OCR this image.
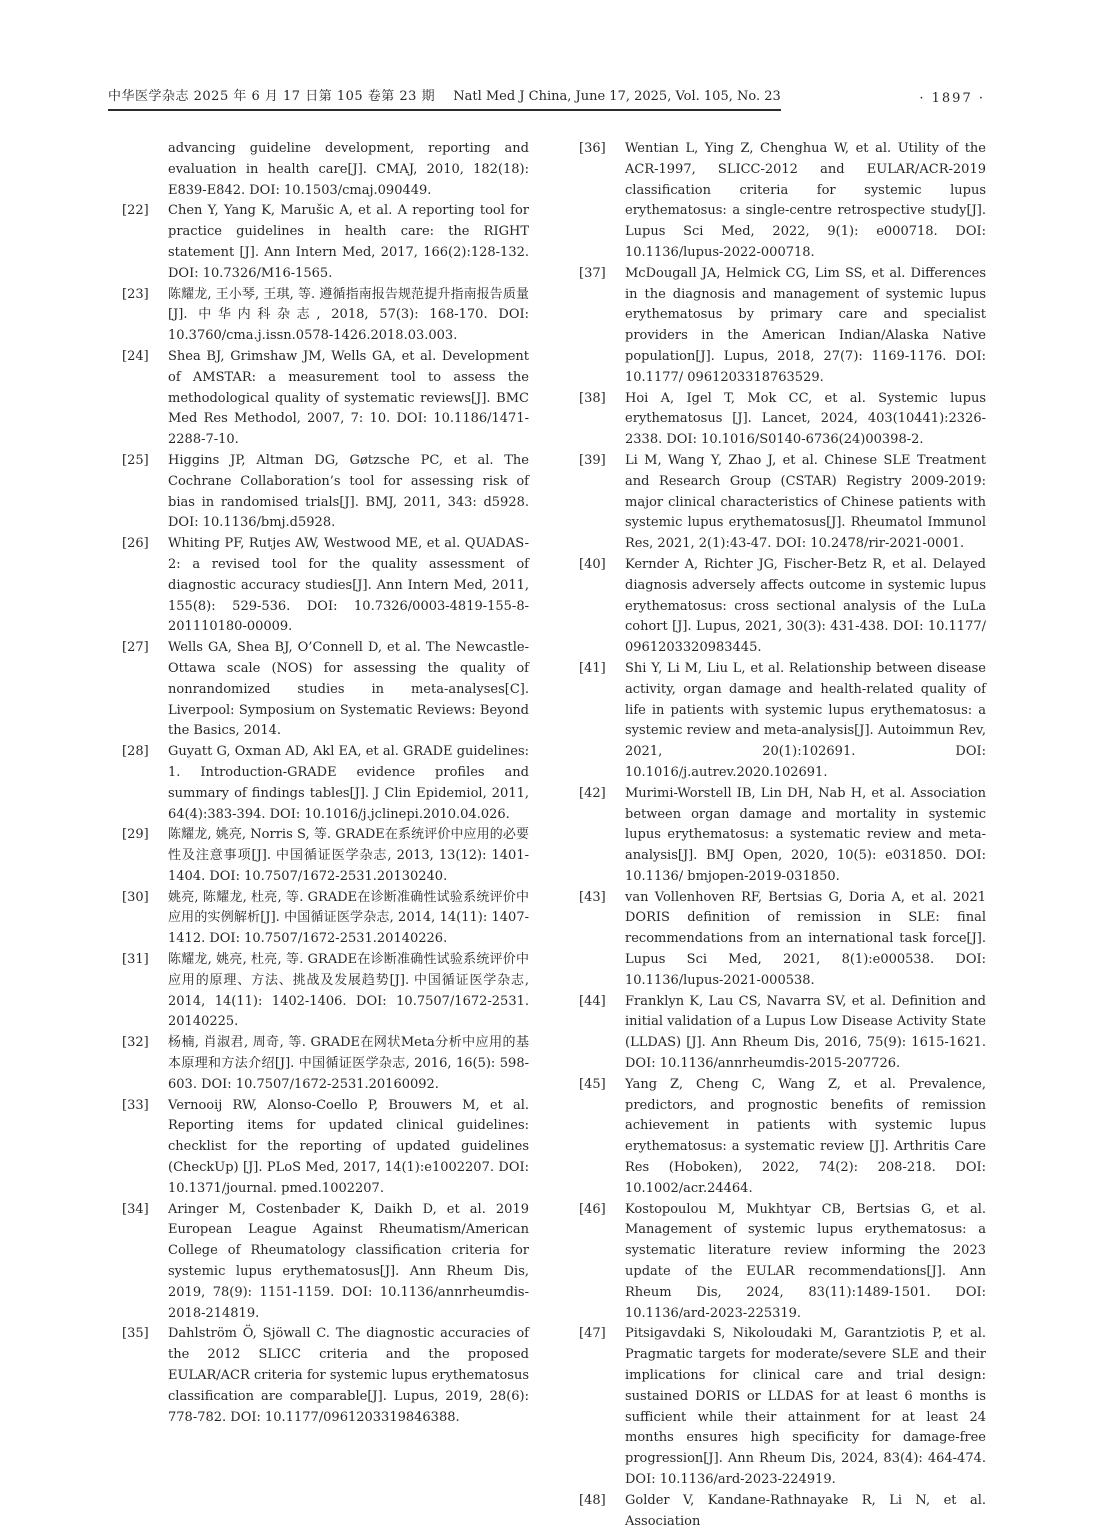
中华医学杂志 2025 年 6 月 17 日第 105 卷第 23 期 Natl Med J China, June 17, 2025, Vol. 105, No. 23	· 1897 ·
advancing guideline development, reporting and evaluation in health care[J]. CMAJ, 2010, 182(18): E839-E842. DOI: 10.1503/cmaj.090449.
[22]	Chen Y, Yang K, Marušic A, et al. A reporting tool for practice guidelines in health care: the RIGHT statement [J]. Ann Intern Med, 2017, 166(2):128-132. DOI: 10.7326/M16-1565.
[23]	陈耀龙, 王小琴, 王琪, 等. 遵循指南报告规范提升指南报告质量[J]. 中华内科杂志, 2018, 57(3): 168-170. DOI: 10.3760/cma.j.issn.0578-1426.2018.03.003.
[24]	Shea BJ, Grimshaw JM, Wells GA, et al. Development of AMSTAR: a measurement tool to assess the methodological quality of systematic reviews[J]. BMC Med Res Methodol, 2007, 7: 10. DOI: 10.1186/1471-2288-7-10.
[25]	Higgins JP, Altman DG, Gøtzsche PC, et al. The Cochrane Collaboration’s tool for assessing risk of bias in randomised trials[J]. BMJ, 2011, 343: d5928. DOI: 10.1136/bmj.d5928.
[26]	Whiting PF, Rutjes AW, Westwood ME, et al. QUADAS-2: a revised tool for the quality assessment of diagnostic accuracy studies[J]. Ann Intern Med, 2011, 155(8): 529-536. DOI: 10.7326/0003-4819-155-8-201110180-00009.
[27]	Wells GA, Shea BJ, O’Connell D, et al. The Newcastle-Ottawa scale (NOS) for assessing the quality of nonrandomized studies in meta-analyses[C]. Liverpool: Symposium on Systematic Reviews: Beyond the Basics, 2014.
[28]	Guyatt G, Oxman AD, Akl EA, et al. GRADE guidelines: 1. Introduction-GRADE evidence profiles and summary of findings tables[J]. J Clin Epidemiol, 2011, 64(4):383-394. DOI: 10.1016/j.jclinepi.2010.04.026.
[29]	陈耀龙, 姚亮, Norris S, 等. GRADE在系统评价中应用的必要性及注意事项[J]. 中国循证医学杂志, 2013, 13(12): 1401-1404. DOI: 10.7507/1672-2531.20130240.
[30]	姚亮, 陈耀龙, 杜亮, 等. GRADE在诊断准确性试验系统评价中应用的实例解析[J]. 中国循证医学杂志, 2014, 14(11): 1407-1412. DOI: 10.7507/1672-2531.20140226.
[31]	陈耀龙, 姚亮, 杜亮, 等. GRADE在诊断准确性试验系统评价中应用的原理、方法、挑战及发展趋势[J]. 中国循证医学杂志, 2014, 14(11): 1402-1406. DOI: 10.7507/1672-2531. 20140225.
[32]	杨楠, 肖淑君, 周奇, 等. GRADE在网状Meta分析中应用的基本原理和方法介绍[J]. 中国循证医学杂志, 2016, 16(5): 598-603. DOI: 10.7507/1672-2531.20160092.
[33]	Vernooij RW, Alonso-Coello P, Brouwers M, et al. Reporting items for updated clinical guidelines: checklist for the reporting of updated guidelines (CheckUp) [J]. PLoS Med, 2017, 14(1):e1002207. DOI: 10.1371/journal. pmed.1002207.
[34]	Aringer M, Costenbader K, Daikh D, et al. 2019 European League Against Rheumatism/American College of Rheumatology classification criteria for systemic lupus erythematosus[J]. Ann Rheum Dis, 2019, 78(9): 1151-1159. DOI: 10.1136/annrheumdis-2018-214819.
[35]	Dahlström Ö, Sjöwall C. The diagnostic accuracies of the 2012 SLICC criteria and the proposed EULAR/ACR criteria for systemic lupus erythematosus classification are comparable[J]. Lupus, 2019, 28(6): 778-782. DOI: 10.1177/0961203319846388.
[36]	Wentian L, Ying Z, Chenghua W, et al. Utility of the ACR-1997, SLICC-2012 and EULAR/ACR-2019 classification criteria for systemic lupus erythematosus: a single-centre retrospective study[J]. Lupus Sci Med, 2022, 9(1): e000718. DOI: 10.1136/lupus-2022-000718.
[37]	McDougall JA, Helmick CG, Lim SS, et al. Differences in the diagnosis and management of systemic lupus erythematosus by primary care and specialist providers in the American Indian/Alaska Native population[J]. Lupus, 2018, 27(7): 1169-1176. DOI: 10.1177/ 0961203318763529.
[38]	Hoi A, Igel T, Mok CC, et al. Systemic lupus erythematosus [J]. Lancet, 2024, 403(10441):2326-2338. DOI: 10.1016/S0140-6736(24)00398-2.
[39]	Li M, Wang Y, Zhao J, et al. Chinese SLE Treatment and Research Group (CSTAR) Registry 2009-2019: major clinical characteristics of Chinese patients with systemic lupus erythematosus[J]. Rheumatol Immunol Res, 2021, 2(1):43-47. DOI: 10.2478/rir-2021-0001.
[40]	Kernder A, Richter JG, Fischer-Betz R, et al. Delayed diagnosis adversely affects outcome in systemic lupus erythematosus: cross sectional analysis of the LuLa cohort [J]. Lupus, 2021, 30(3): 431-438. DOI: 10.1177/ 0961203320983445.
[41]	Shi Y, Li M, Liu L, et al. Relationship between disease activity, organ damage and health-related quality of life in patients with systemic lupus erythematosus: a systemic review and meta-analysis[J]. Autoimmun Rev, 2021, 20(1):102691. DOI: 10.1016/j.autrev.2020.102691.
[42]	Murimi-Worstell IB, Lin DH, Nab H, et al. Association between organ damage and mortality in systemic lupus erythematosus: a systematic review and meta-analysis[J]. BMJ Open, 2020, 10(5): e031850. DOI: 10.1136/ bmjopen-2019-031850.
[43]	van Vollenhoven RF, Bertsias G, Doria A, et al. 2021 DORIS definition of remission in SLE: final recommendations from an international task force[J]. Lupus Sci Med, 2021, 8(1):e000538. DOI: 10.1136/lupus-2021-000538.
[44]	Franklyn K, Lau CS, Navarra SV, et al. Definition and initial validation of a Lupus Low Disease Activity State (LLDAS) [J]. Ann Rheum Dis, 2016, 75(9): 1615-1621. DOI: 10.1136/annrheumdis-2015-207726.
[45]	Yang Z, Cheng C, Wang Z, et al. Prevalence, predictors, and prognostic benefits of remission achievement in patients with systemic lupus erythematosus: a systematic review [J]. Arthritis Care Res (Hoboken), 2022, 74(2): 208-218. DOI: 10.1002/acr.24464.
[46]	Kostopoulou M, Mukhtyar CB, Bertsias G, et al. Management of systemic lupus erythematosus: a systematic literature review informing the 2023 update of the EULAR recommendations[J]. Ann Rheum Dis, 2024, 83(11):1489-1501. DOI: 10.1136/ard-2023-225319.
[47]	Pitsigavdaki S, Nikoloudaki M, Garantziotis P, et al. Pragmatic targets for moderate/severe SLE and their implications for clinical care and trial design: sustained DORIS or LLDAS for at least 6 months is sufficient while their attainment for at least 24 months ensures high specificity for damage-free progression[J]. Ann Rheum Dis, 2024, 83(4): 464-474. DOI: 10.1136/ard-2023-224919.
[48]	Golder V, Kandane-Rathnayake R, Li N, et al. Association
